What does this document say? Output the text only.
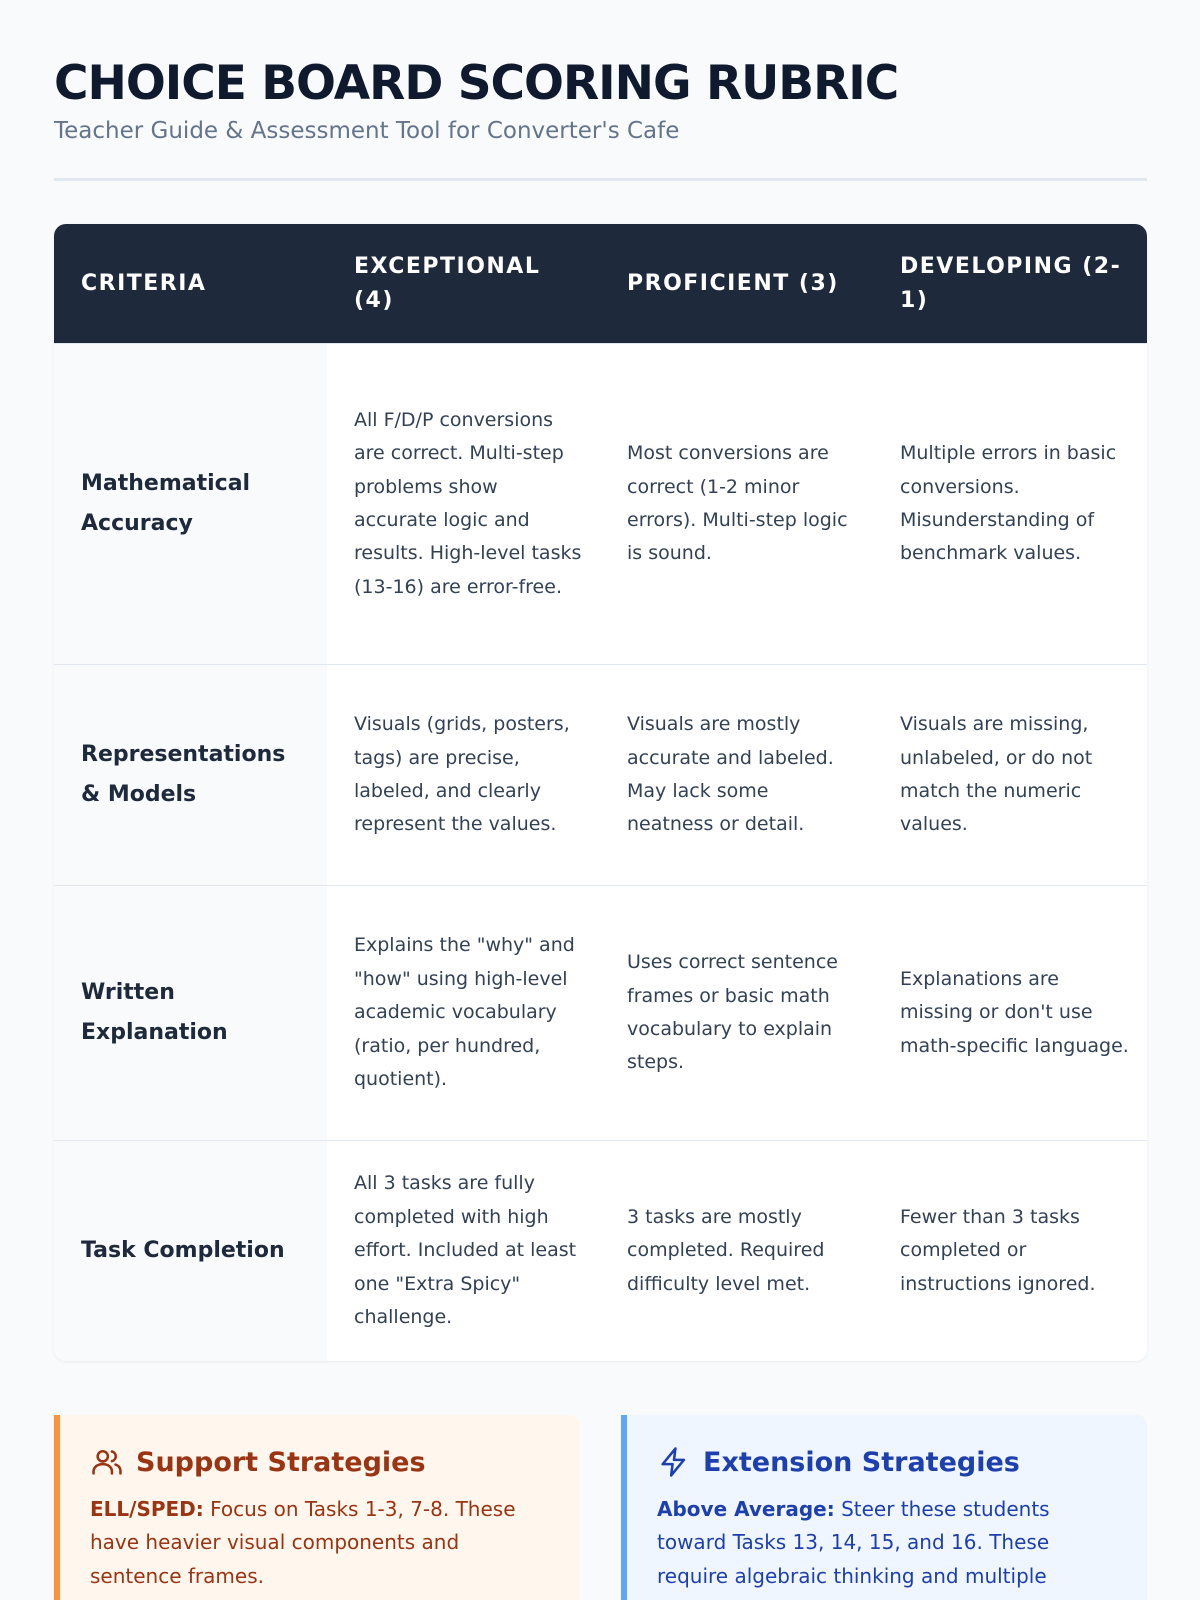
CHOICE BOARD SCORING RUBRIC
Teacher Guide & Assessment Tool for Converter's Cafe
CRITERIA
EXCEPTIONAL (4)
PROFICIENT (3)
DEVELOPING (2-1)
Mathematical Accuracy
All F/D/P conversions are correct. Multi-step problems show accurate logic and results. High-level tasks (13-16) are error-free.
Most conversions are correct (1-2 minor errors). Multi-step logic is sound.
Multiple errors in basic conversions. Misunderstanding of benchmark values.
Representations & Models
Visuals (grids, posters, tags) are precise, labeled, and clearly represent the values.
Visuals are mostly accurate and labeled. May lack some neatness or detail.
Visuals are missing, unlabeled, or do not match the numeric values.
Written Explanation
Explains the "why" and "how" using high-level academic vocabulary (ratio, per hundred, quotient).
Uses correct sentence frames or basic math vocabulary to explain steps.
Explanations are missing or don't use math-specific language.
Task Completion
All 3 tasks are fully completed with high effort. Included at least one "Extra Spicy" challenge.
3 tasks are mostly completed. Required difficulty level met.
Fewer than 3 tasks completed or instructions ignored.
Support Strategies
ELL/SPED: Focus on Tasks 1-3, 7-8. These have heavier visual components and sentence frames.
Extension Strategies
Above Average: Steer these students toward Tasks 13, 14, 15, and 16. These require algebraic thinking and multiple
